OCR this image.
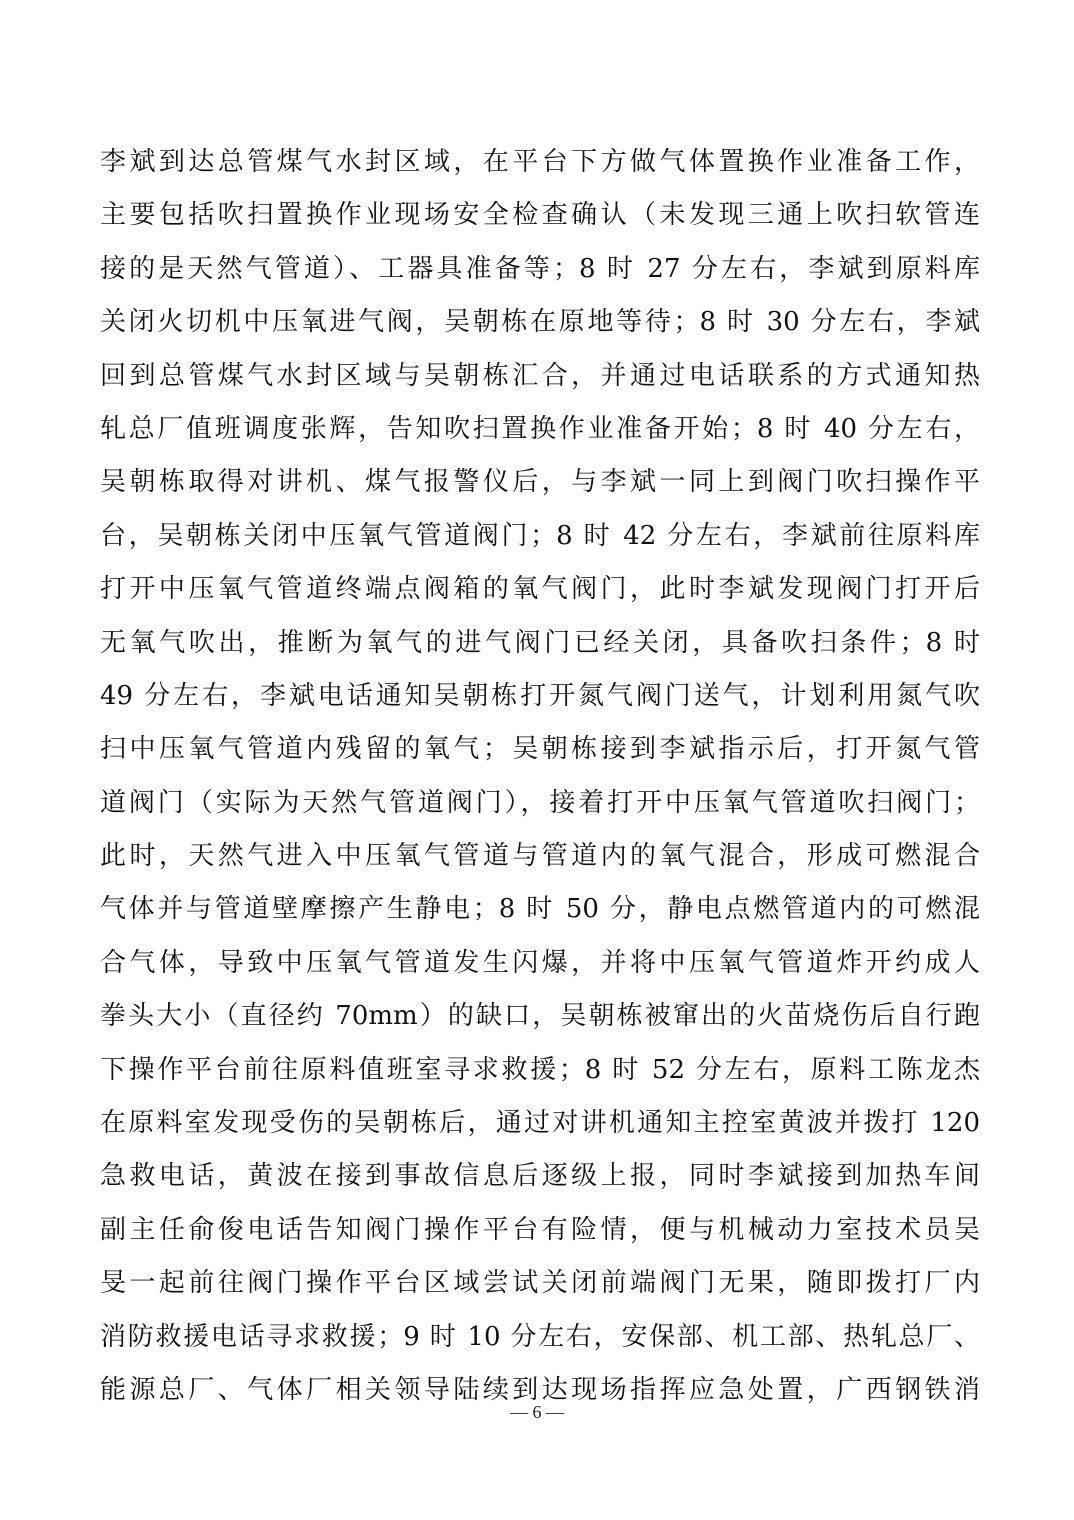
李斌到达总管煤气水封区域，在平台下方做气体置换作业准备工作，
主要包括吹扫置换作业现场安全检查确认（未发现三通上吹扫软管连
接的是天然气管道）、工器具准备等；8 时 27 分左右，李斌到原料库
关闭火切机中压氧进气阀，吴朝栋在原地等待；8 时 30 分左右，李斌
回到总管煤气水封区域与吴朝栋汇合，并通过电话联系的方式通知热
轧总厂值班调度张辉，告知吹扫置换作业准备开始；8 时 40 分左右，
吴朝栋取得对讲机、煤气报警仪后，与李斌一同上到阀门吹扫操作平
台，吴朝栋关闭中压氧气管道阀门；8 时 42 分左右，李斌前往原料库
打开中压氧气管道终端点阀箱的氧气阀门，此时李斌发现阀门打开后
无氧气吹出，推断为氧气的进气阀门已经关闭，具备吹扫条件；8 时
49 分左右，李斌电话通知吴朝栋打开氮气阀门送气，计划利用氮气吹
扫中压氧气管道内残留的氧气；吴朝栋接到李斌指示后，打开氮气管
道阀门（实际为天然气管道阀门），接着打开中压氧气管道吹扫阀门；
此时，天然气进入中压氧气管道与管道内的氧气混合，形成可燃混合
气体并与管道壁摩擦产生静电；8 时 50 分，静电点燃管道内的可燃混
合气体，导致中压氧气管道发生闪爆，并将中压氧气管道炸开约成人
拳头大小（直径约 70mm）的缺口，吴朝栋被窜出的火苗烧伤后自行跑
下操作平台前往原料值班室寻求救援；8 时 52 分左右，原料工陈龙杰
在原料室发现受伤的吴朝栋后，通过对讲机通知主控室黄波并拨打 120
急救电话，黄波在接到事故信息后逐级上报，同时李斌接到加热车间
副主任俞俊电话告知阀门操作平台有险情，便与机械动力室技术员吴
旻一起前往阀门操作平台区域尝试关闭前端阀门无果，随即拨打厂内
消防救援电话寻求救援；9 时 10 分左右，安保部、机工部、热轧总厂、
能源总厂、气体厂相关领导陆续到达现场指挥应急处置，广西钢铁消
— 6 —
